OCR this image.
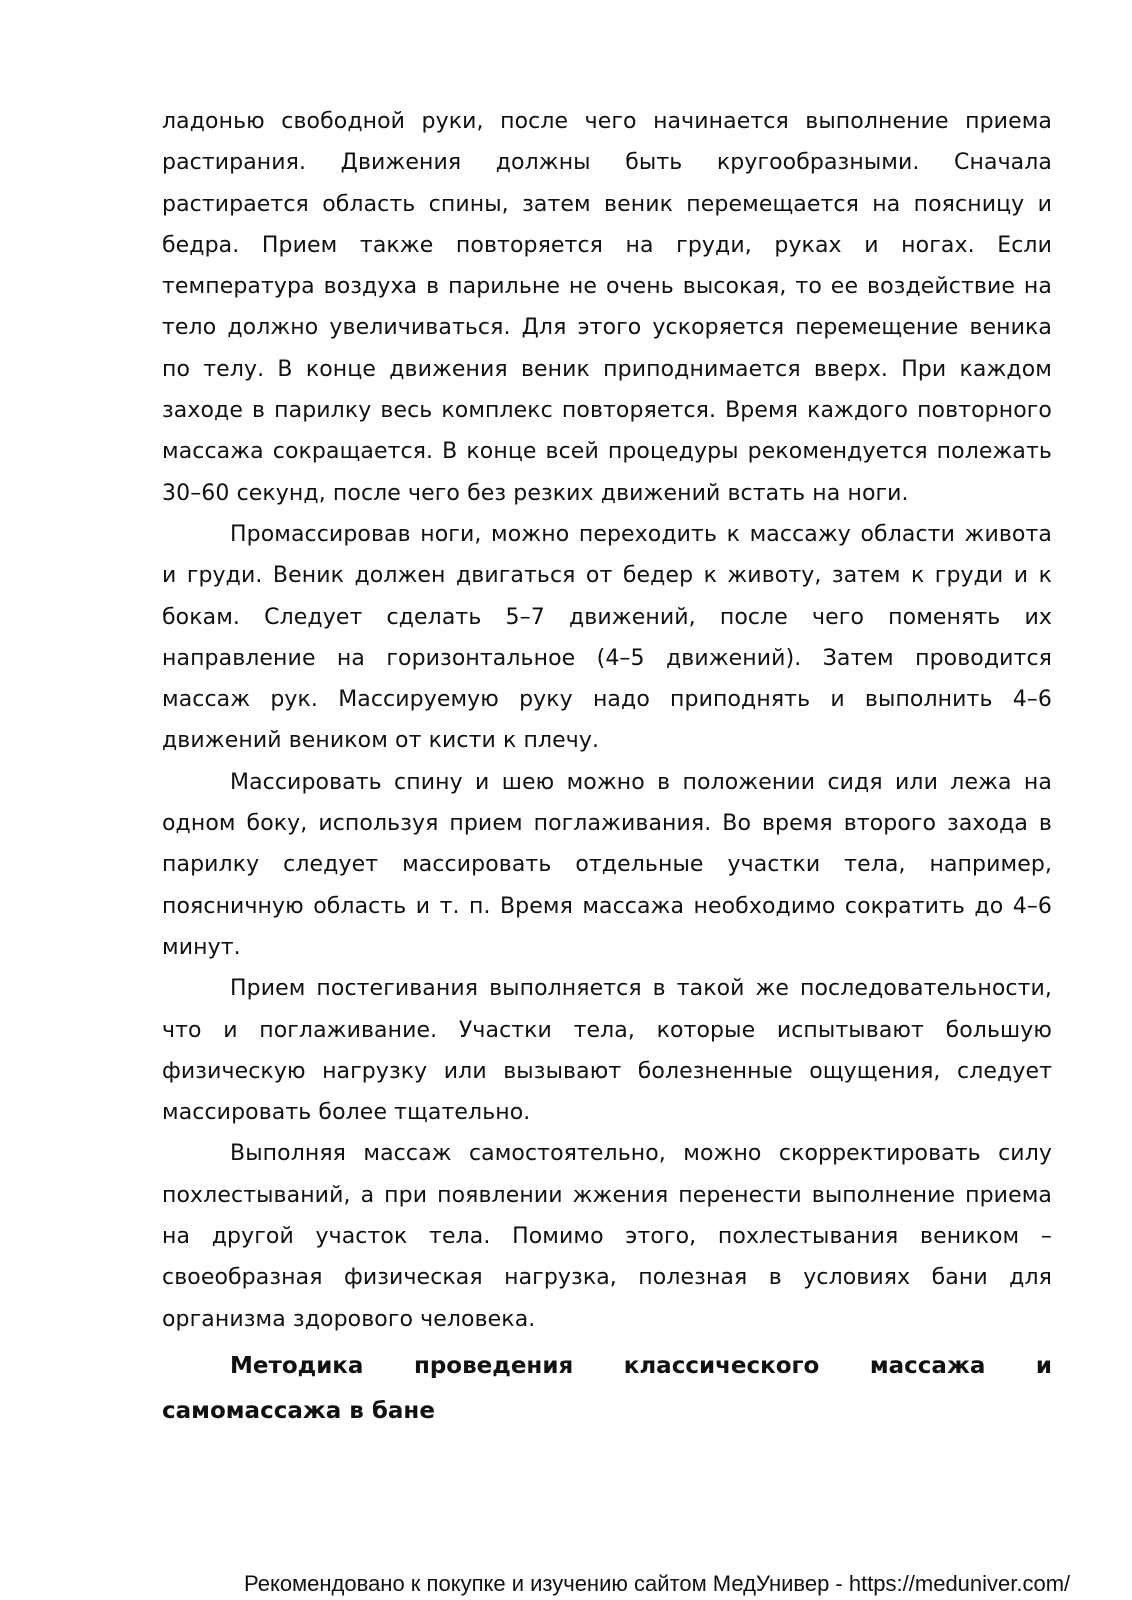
ладонью свободной руки, после чего начинается выполнение приема растирания. Движения должны быть кругообразными. Сначала растирается область спины, затем веник перемещается на поясницу и бедра. Прием также повторяется на груди, руках и ногах. Если температура воздуха в парильне не очень высокая, то ее воздействие на тело должно увеличиваться. Для этого ускоряется перемещение веника по телу. В конце движения веник приподнимается вверх. При каждом заходе в парилку весь комплекс повторяется. Время каждого повторного массажа сокращается. В конце всей процедуры рекомендуется полежать 30–60 секунд, после чего без резких движений встать на ноги.

Промассировав ноги, можно переходить к массажу области живота и груди. Веник должен двигаться от бедер к животу, затем к груди и к бокам. Следует сделать 5–7 движений, после чего поменять их направление на горизонтальное (4–5 движений). Затем проводится массаж рук. Массируемую руку надо приподнять и выполнить 4–6 движений веником от кисти к плечу.

Массировать спину и шею можно в положении сидя или лежа на одном боку, используя прием поглаживания. Во время второго захода в парилку следует массировать отдельные участки тела, например, поясничную область и т. п. Время массажа необходимо сократить до 4–6 минут.

Прием постегивания выполняется в такой же последовательности, что и поглаживание. Участки тела, которые испытывают большую физическую нагрузку или вызывают болезненные ощущения, следует массировать более тщательно.

Выполняя массаж самостоятельно, можно скорректировать силу похлестываний, а при появлении жжения перенести выполнение приема на другой участок тела. Помимо этого, похлестывания веником – своеобразная физическая нагрузка, полезная в условиях бани для организма здорового человека.

Методика проведения классического массажа и самомассажа в бане
Рекомендовано к покупке и изучению сайтом МедУнивер - https://meduniver.com/
